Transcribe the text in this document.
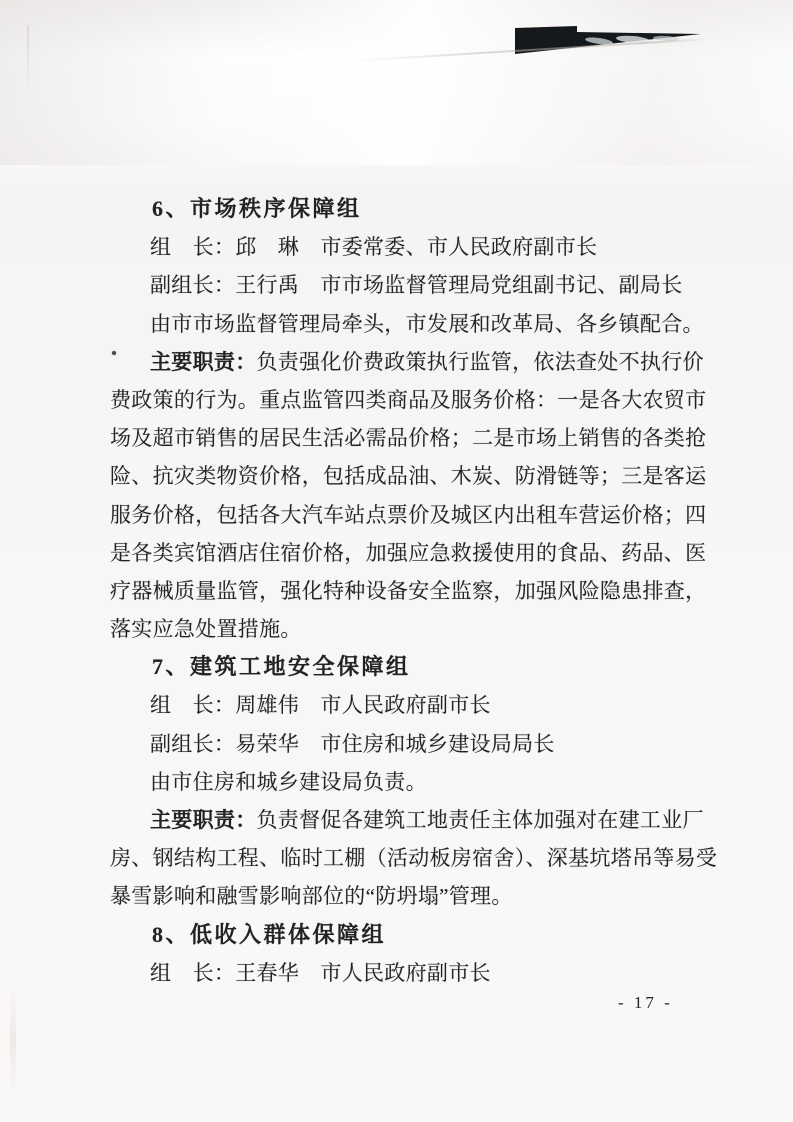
6、市场秩序保障组
组　长：邱　琳　市委常委、市人民政府副市长
副组长：王行禹　市市场监督管理局党组副书记、副局长
由市市场监督管理局牵头，市发展和改革局、各乡镇配合。
主要职责：负责强化价费政策执行监管，依法查处不执行价
费政策的行为。重点监管四类商品及服务价格：一是各大农贸市
场及超市销售的居民生活必需品价格；二是市场上销售的各类抢
险、抗灾类物资价格，包括成品油、木炭、防滑链等；三是客运
服务价格，包括各大汽车站点票价及城区内出租车营运价格；四
是各类宾馆酒店住宿价格，加强应急救援使用的食品、药品、医
疗器械质量监管，强化特种设备安全监察，加强风险隐患排查，
落实应急处置措施。
7、建筑工地安全保障组
组　长：周雄伟　市人民政府副市长
副组长：易荣华　市住房和城乡建设局局长
由市住房和城乡建设局负责。
主要职责：负责督促各建筑工地责任主体加强对在建工业厂
房、钢结构工程、临时工棚（活动板房宿舍）、深基坑塔吊等易受
暴雪影响和融雪影响部位的“防坍塌”管理。
8、低收入群体保障组
组　长：王春华　市人民政府副市长
- 17 -
